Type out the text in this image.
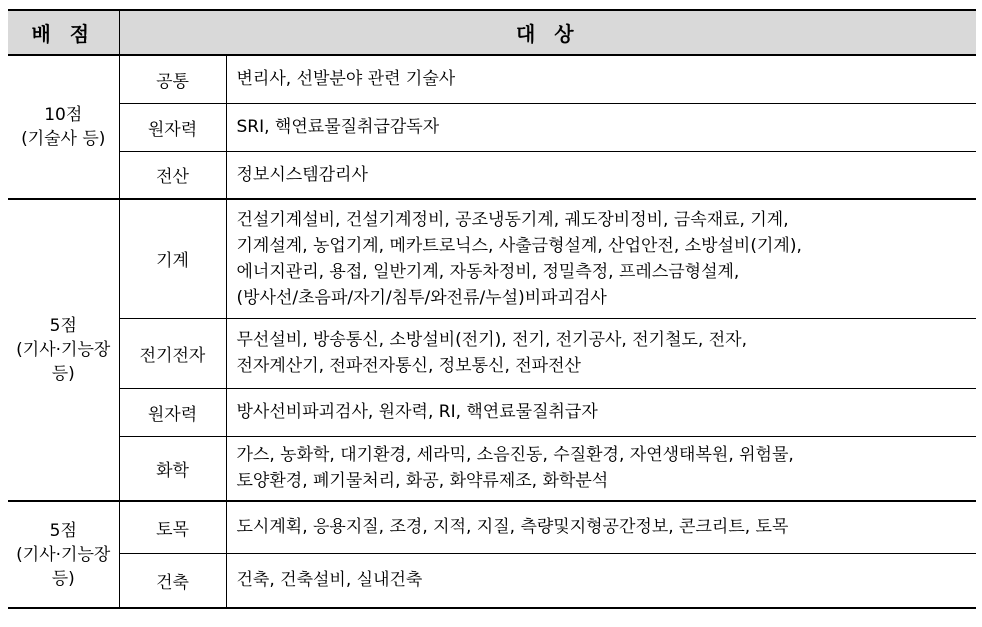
배 점	대 상	

10점
(기술사 등)	공통	변리사, 선발분야 관련 기술사

	원자력	SRI, 핵연료물질취급감독자

	전산	정보시스템감리사

5점
(기사·기능장
등)	기계	건설기계설비, 건설기계정비, 공조냉동기계, 궤도장비정비, 금속재료, 기계,
기계설계, 농업기계, 메카트로닉스, 사출금형설계, 산업안전, 소방설비(기계),
에너지관리, 용접, 일반기계, 자동차정비, 정밀측정, 프레스금형설계,
(방사선/초음파/자기/침투/와전류/누설)비파괴검사

	전기전자	무선설비, 방송통신, 소방설비(전기), 전기, 전기공사, 전기철도, 전자,
전자계산기, 전파전자통신, 정보통신, 전파전산

	원자력	방사선비파괴검사, 원자력, RI, 핵연료물질취급자

	화학	가스, 농화학, 대기환경, 세라믹, 소음진동, 수질환경, 자연생태복원, 위험물,
토양환경, 폐기물처리, 화공, 화약류제조, 화학분석

5점
(기사·기능장
등)	토목	도시계획, 응용지질, 조경, 지적, 지질, 측량및지형공간정보, 콘크리트, 토목

	건축	건축, 건축설비, 실내건축
